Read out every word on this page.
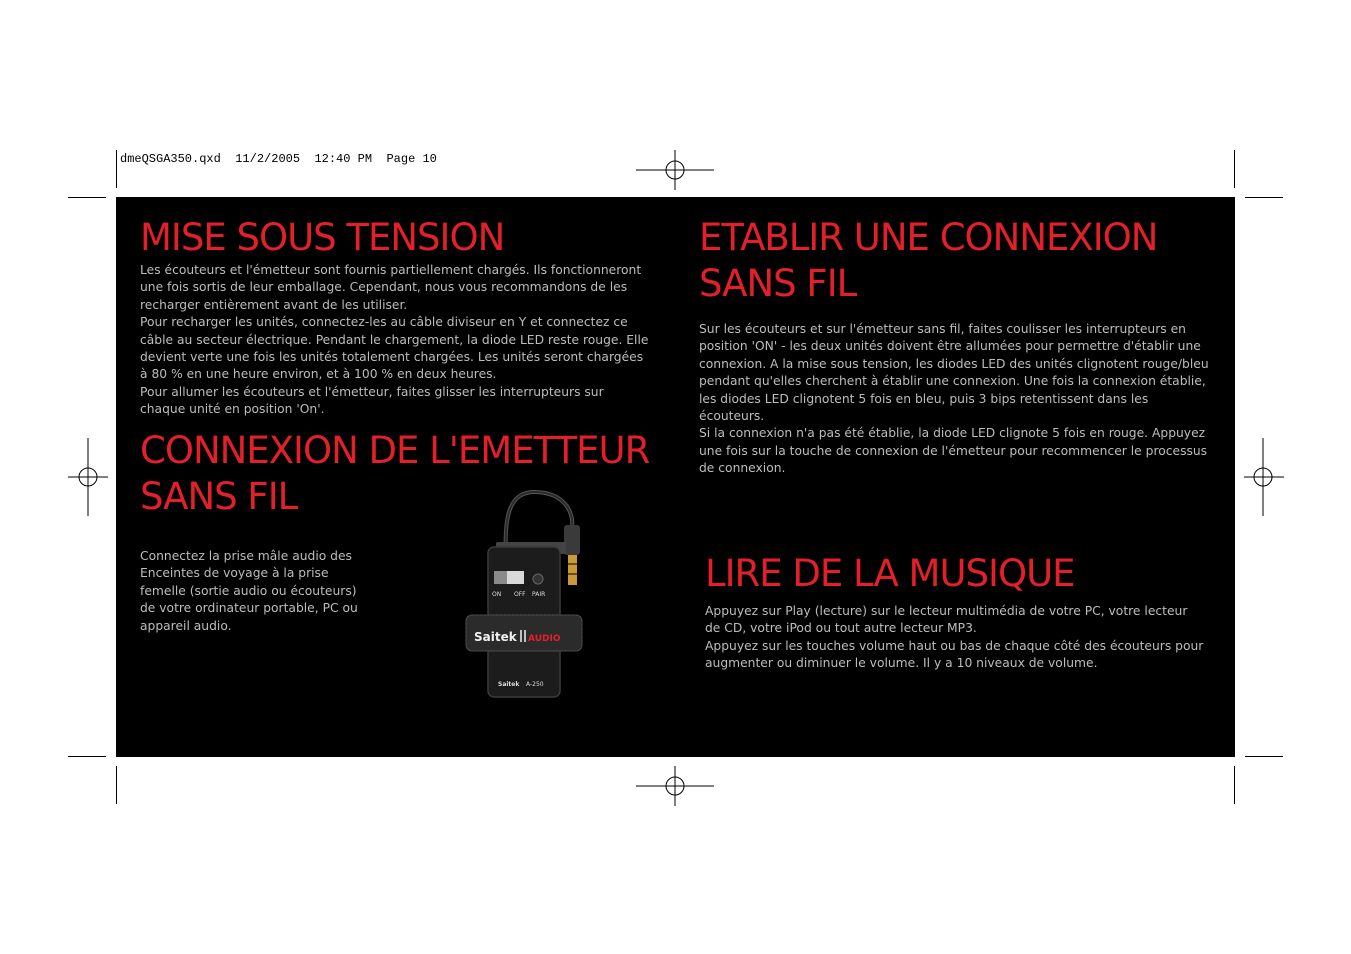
dmeQSGA350.qxd 11/2/2005 12:40 PM Page 10
MISE SOUS TENSION

Les écouteurs et l'émetteur sont fournis partiellement chargés. Ils fonctionneront une fois sortis de leur emballage. Cependant, nous vous recommandons de les recharger entièrement avant de les utiliser.
Pour recharger les unités, connectez-les au câble diviseur en Y et connectez ce câble au secteur électrique. Pendant le chargement, la diode LED reste rouge. Elle devient verte une fois les unités totalement chargées. Les unités seront chargées à 80 % en une heure environ, et à 100 % en deux heures.
Pour allumer les écouteurs et l'émetteur, faites glisser les interrupteurs sur chaque unité en position 'On'.

CONNEXION DE L'EMETTEUR
SANS FIL

Connectez la prise mâle audio des Enceintes de voyage à la prise femelle (sortie audio ou écouteurs) de votre ordinateur portable, PC ou appareil audio.

ON OFF PAIR
Saitek AUDIO
Saitek A-250
ETABLIR UNE CONNEXION
SANS FIL

Sur les écouteurs et sur l'émetteur sans fil, faites coulisser les interrupteurs en position 'ON' - les deux unités doivent être allumées pour permettre d'établir une connexion. A la mise sous tension, les diodes LED des unités clignotent rouge/bleu pendant qu'elles cherchent à établir une connexion. Une fois la connexion établie, les diodes LED clignotent 5 fois en bleu, puis 3 bips retentissent dans les écouteurs.
Si la connexion n'a pas été établie, la diode LED clignote 5 fois en rouge. Appuyez une fois sur la touche de connexion de l'émetteur pour recommencer le processus de connexion.

LIRE DE LA MUSIQUE

Appuyez sur Play (lecture) sur le lecteur multimédia de votre PC, votre lecteur de CD, votre iPod ou tout autre lecteur MP3.
Appuyez sur les touches volume haut ou bas de chaque côté des écouteurs pour augmenter ou diminuer le volume. Il y a 10 niveaux de volume.
